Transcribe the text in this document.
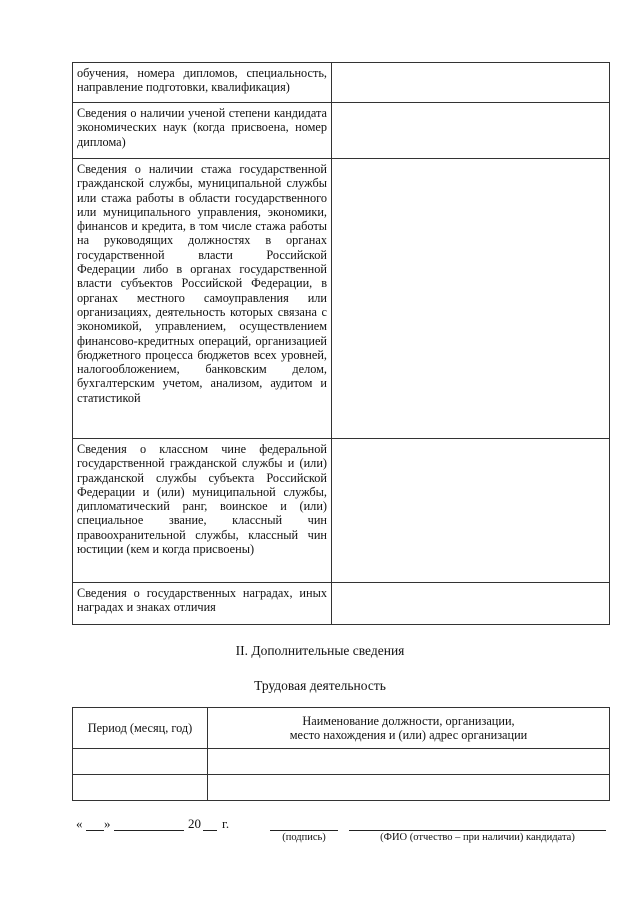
обучения, номера дипломов, специальность, направление подготовки, квалификация)	

Сведения о наличии ученой степени кандидата экономических наук (когда присвоена, номер диплома)	

Сведения о наличии стажа государственной гражданской службы, муниципальной службы или стажа работы в области государственного или муниципального управления, экономики, финансов и кредита, в том числе стажа работы на руководящих должностях в органах государственной власти Российской Федерации либо в органах государственной власти субъектов Российской Федерации, в органах местного самоуправления или организациях, деятельность которых связана с экономикой, управлением, осуществлением финансово-кредитных операций, организацией бюджетного процесса бюджетов всех уровней, налогообложением, банковским делом, бухгалтерским учетом, анализом, аудитом и статистикой	

Сведения о классном чине федеральной государственной гражданской службы и (или) гражданской службы субъекта Российской Федерации и (или) муниципальной службы, дипломатический ранг, воинское и (или) специальное звание, классный чин правоохранительной службы, классный чин юстиции (кем и когда присвоены)	

Сведения о государственных наградах, иных наградах и знаках отличия	

II. Дополнительные сведения
Трудовая деятельность
Период (месяц, год)	Наименование должности, организации,
место нахождения и (или) адрес организации

« »	20 г.
(подпись)	(ФИО (отчество – при наличии) кандидата)
